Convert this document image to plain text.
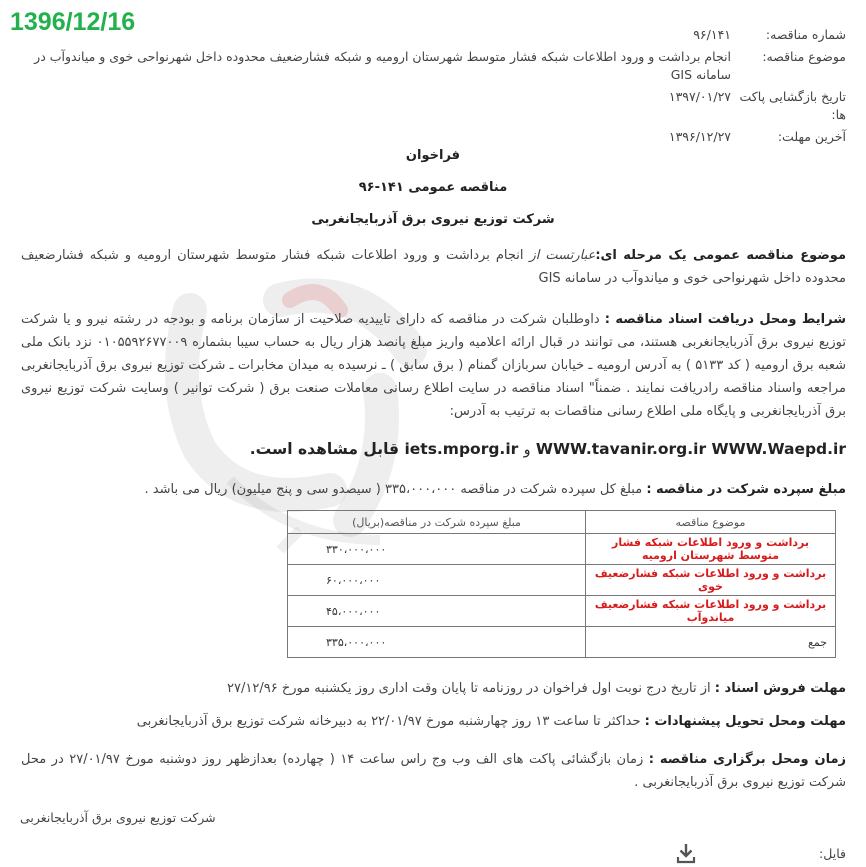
1396/12/16	شماره مناقصه:
۹۶/۱۴۱
موضوع مناقصه:
انجام برداشت و ورود اطلاعات شبکه فشار متوسط شهرستان ارومیه و شبکه فشارضعیف محدوده داخل شهرنواحی خوی و میاندوآب در سامانه GIS
تاریخ بازگشایی پاکت ها:
۱۳۹۷/۰۱/۲۷
آخرین مهلت:
۱۳۹۶/۱۲/۲۷
فراخوان
مناقصه عمومی ۱۴۱-۹۶
شرکت توزیع نیروی برق آذربایجانغربی
موضوع مناقصه عمومی یک مرحله ای:عبارتست از انجام برداشت و ورود اطلاعات شبکه فشار متوسط شهرستان ارومیه و شبکه فشارضعیف محدوده داخل شهرنواحی خوی و میاندوآب در سامانه GIS
شرایط ومحل دریافت اسناد مناقصه : داوطلبان شرکت در مناقصه که دارای تاییدیه صلاحیت از سازمان برنامه و بودجه در رشته نیرو و یا شرکت توزیع نیروی برق آذربایجانغربی هستند، می توانند در قبال ارائه اعلامیه واریز مبلغ پانصد هزار ریال به حساب سیبا بشماره ۰۱۰۵۵۹۲۶۷۷۰۰۹ نزد بانک ملی شعبه برق ارومیه ( کد ۵۱۳۳ ) به آدرس ارومیه ـ خیابان سربازان گمنام ( برق سابق ) ـ نرسیده به میدان مخابرات ـ شرکت توزیع نیروی برق آذربایجانغربی مراجعه واسناد مناقصه رادریافت نمایند . ضمناً" اسناد مناقصه در سایت اطلاع رسانی معاملات صنعت برق ( شرکت توانیر ) وسایت شرکت توزیع نیروی برق آذربایجانغربی و پایگاه ملی اطلاع رسانی مناقصات به ترتیب به آدرس:
WWW.tavanir.org.ir WWW.Waepd.ir و iets.mporg.ir قابل مشاهده است.
مبلغ سپرده شرکت در مناقصه : مبلغ کل سپرده شرکت در مناقصه ۳۳۵،۰۰۰،۰۰۰ ( سیصدو سی و پنج میلیون) ریال می باشد .
موضوع مناقصه	مبلغ سپرده شرکت در مناقصه(بریال)
برداشت و ورود اطلاعات شبکه فشار متوسط شهرستان ارومیه	۳۳۰،۰۰۰،۰۰۰
برداشت و ورود اطلاعات شبکه فشارضعیف خوی	۶۰،۰۰۰،۰۰۰
برداشت و ورود اطلاعات شبکه فشارضعیف میاندوآب	۴۵،۰۰۰،۰۰۰
جمع	۳۳۵،۰۰۰،۰۰۰
مهلت فروش اسناد : از تاریخ درج نوبت اول فراخوان در روزنامه تا پایان وقت اداری روز یکشنبه مورخ ۲۷/۱۲/۹۶
مهلت ومحل تحویل پیشنهادات : حداکثر تا ساعت ۱۳ روز چهارشنبه مورخ ۲۲/۰۱/۹۷ به دبیرخانه شرکت توزیع برق آذربایجانغربی
زمان ومحل برگزاری مناقصه : زمان بازگشائی پاکت های الف وب وج راس ساعت ۱۴ ( چهارده) بعدازظهر روز دوشنبه مورخ ۲۷/۰۱/۹۷ در محل شرکت توزیع نیروی برق آذربایجانغربی .
شرکت توزیع نیروی برق آذربایجانغربی
فایل:
